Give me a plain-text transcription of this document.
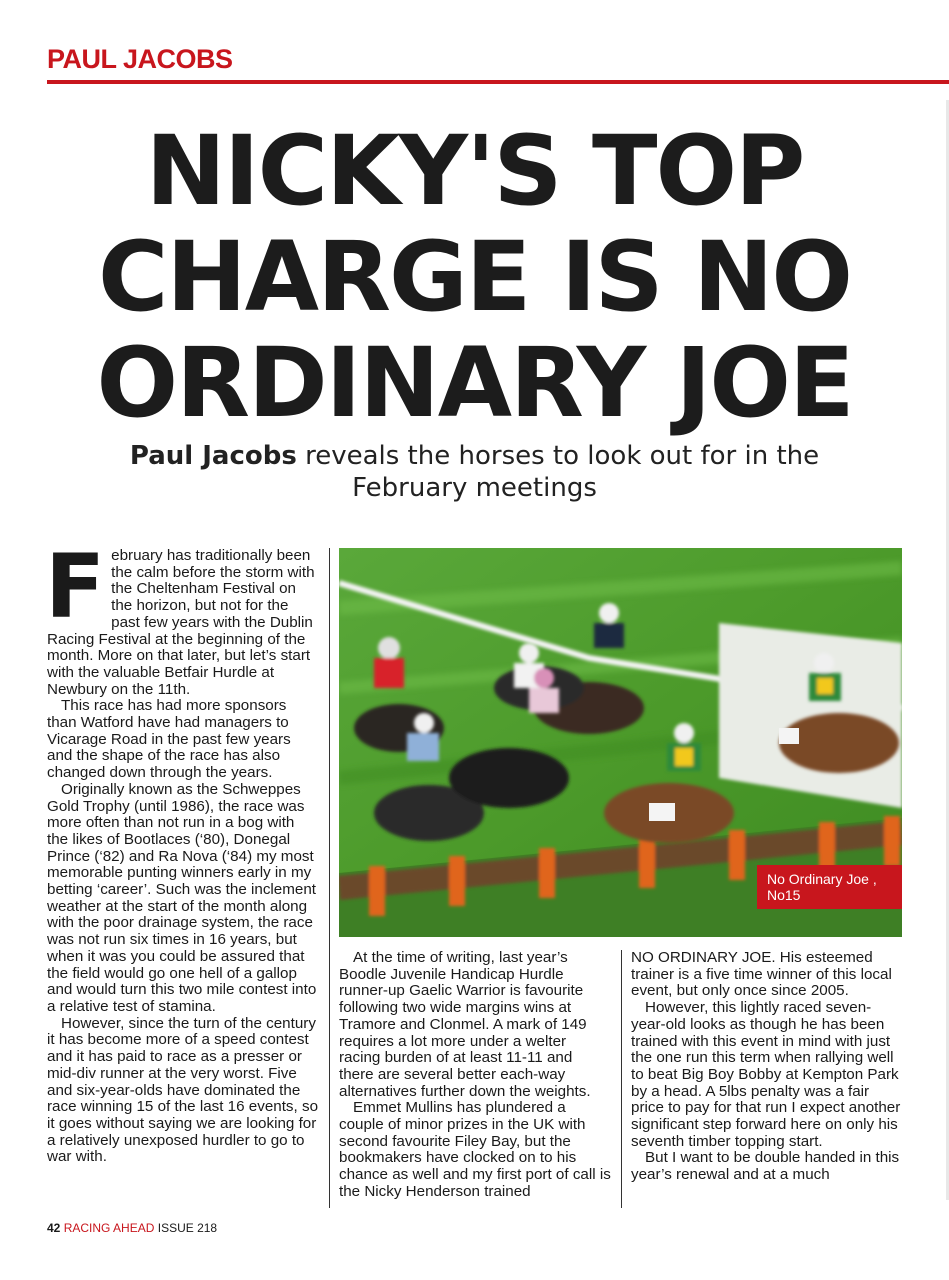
PAUL JACOBS
NICKY'S TOP
CHARGE IS NO
ORDINARY JOE
Paul Jacobs reveals the horses to look out for in the February meetings
F ebruary has traditionally been the calm before the storm with the Cheltenham Festival on the horizon, but not for the past few years with the Dublin Racing Festival at the beginning of the month. More on that later, but let’s start with the valuable Betfair Hurdle at Newbury on the 11th.

This race has had more sponsors than Watford have had managers to Vicarage Road in the past few years and the shape of the race has also changed down through the years.

Originally known as the Schweppes Gold Trophy (until 1986), the race was more often than not run in a bog with the likes of Bootlaces (‘80), Donegal Prince (‘82) and Ra Nova (‘84) my most memorable punting winners early in my betting ‘career’. Such was the inclement weather at the start of the month along with the poor drainage system, the race was not run six times in 16 years, but when it was you could be assured that the field would go one hell of a gallop and would turn this two mile contest into a relative test of stamina.

However, since the turn of the century it has become more of a speed contest and it has paid to race as a presser or mid-div runner at the very worst. Five and six-year-olds have dominated the race winning 15 of the last 16 events, so it goes without saying we are looking for a relatively unexposed hurdler to go to war with.

No Ordinary Joe , No15

At the time of writing, last year’s Boodle Juvenile Handicap Hurdle runner-up Gaelic Warrior is favourite following two wide margins wins at Tramore and Clonmel. A mark of 149 requires a lot more under a welter racing burden of at least 11-11 and there are several better each-way alternatives further down the weights.

Emmet Mullins has plundered a couple of minor prizes in the UK with second favourite Filey Bay, but the bookmakers have clocked on to his chance as well and my first port of call is the Nicky Henderson trained

NO ORDINARY JOE. His esteemed trainer is a five time winner of this local event, but only once since 2005.

However, this lightly raced seven-year-old looks as though he has been trained with this event in mind with just the one run this term when rallying well to beat Big Boy Bobby at Kempton Park by a head. A 5lbs penalty was a fair price to pay for that run I expect another significant step forward here on only his seventh timber topping start.

But I want to be double handed in this year’s renewal and at a much

42 RACING AHEAD ISSUE 218
